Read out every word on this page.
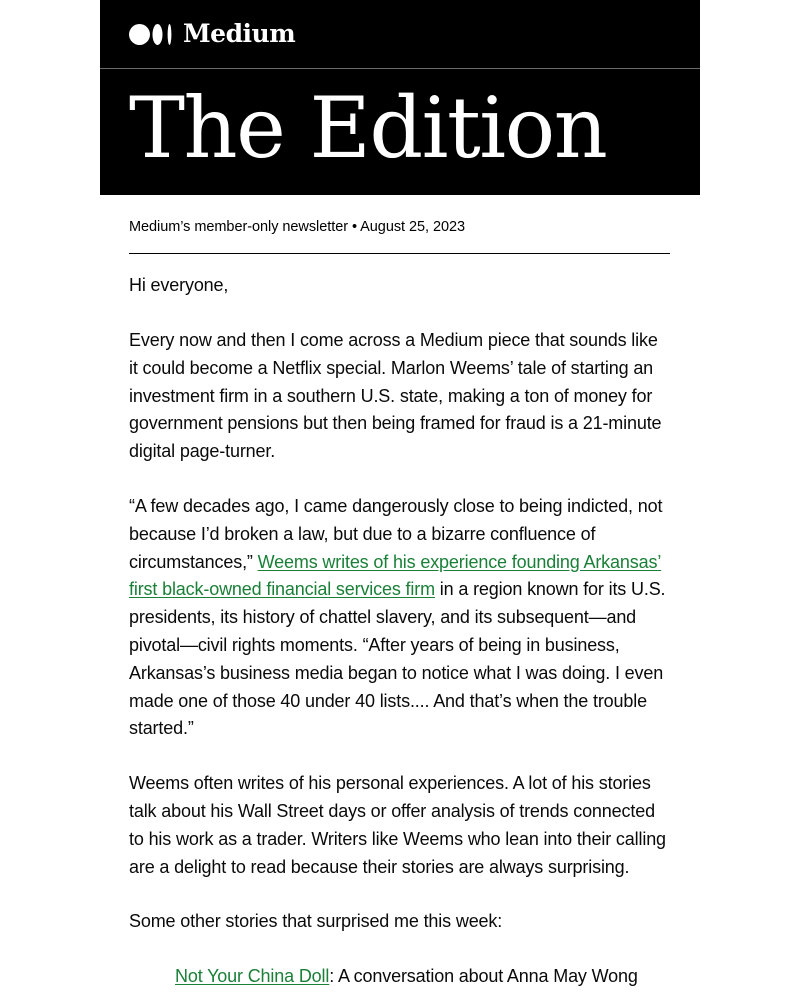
Medium
The Edition
Medium’s member-only newsletter • August 25, 2023

Hi everyone,

Every now and then I come across a Medium piece that sounds like it could become a Netflix special. Marlon Weems’ tale of starting an investment firm in a southern U.S. state, making a ton of money for government pensions but then being framed for fraud is a 21-minute digital page-turner.

“A few decades ago, I came dangerously close to being indicted, not because I’d broken a law, but due to a bizarre confluence of circumstances,” Weems writes of his experience founding Arkansas’ first black-owned financial services firm in a region known for its U.S. presidents, its history of chattel slavery, and its subsequent—and pivotal—civil rights moments. “After years of being in business, Arkansas’s business media began to notice what I was doing. I even made one of those 40 under 40 lists.... And that’s when the trouble started.”

Weems often writes of his personal experiences. A lot of his stories talk about his Wall Street days or offer analysis of trends connected to his work as a trader. Writers like Weems who lean into their calling are a delight to read because their stories are always surprising.

Some other stories that surprised me this week:

Not Your China Doll: A conversation about Anna May Wong
